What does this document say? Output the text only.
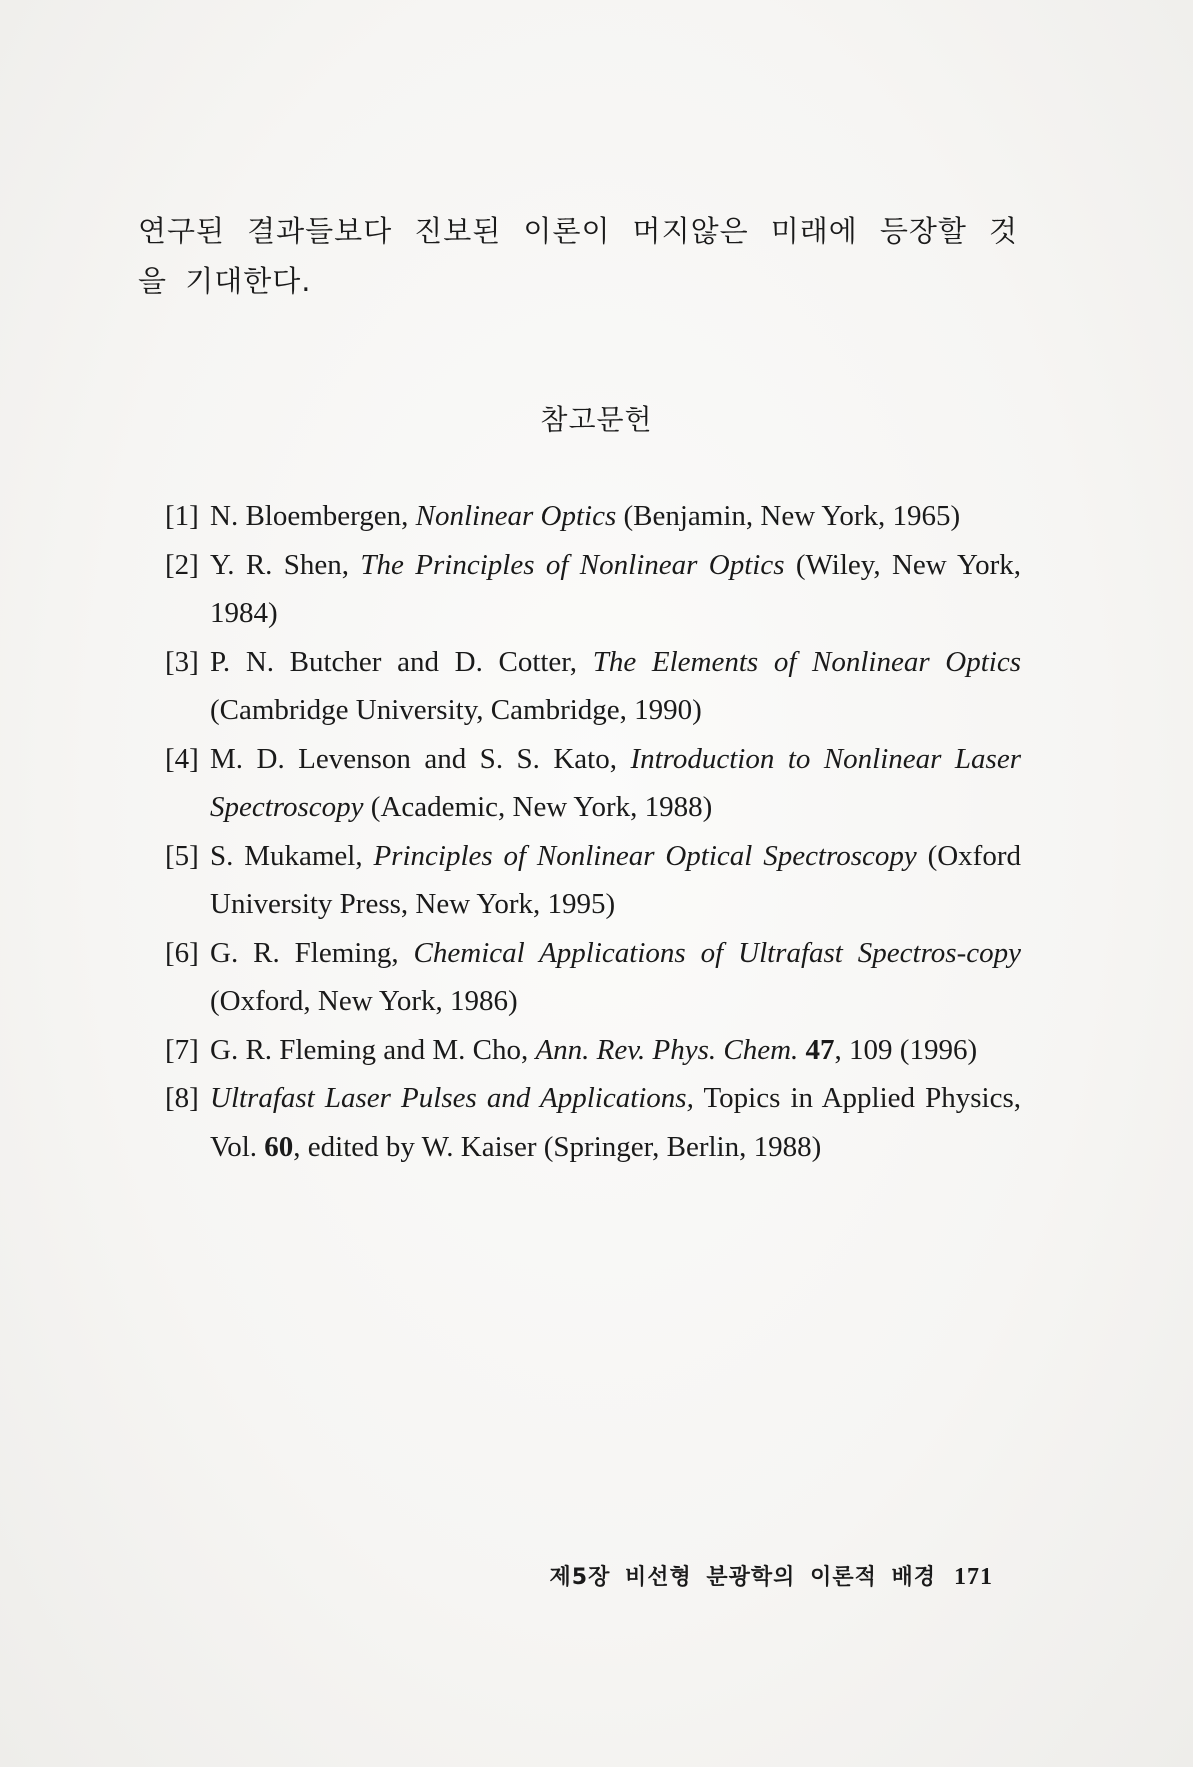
연구된 결과들보다 진보된 이론이 머지않은 미래에 등장할 것을 기대한다.
참고문헌
[1] N. Bloembergen, Nonlinear Optics (Benjamin, New York, 1965)
[2] Y. R. Shen, The Principles of Nonlinear Optics (Wiley, New York, 1984)
[3] P. N. Butcher and D. Cotter, The Elements of Nonlinear Optics (Cambridge University, Cambridge, 1990)
[4] M. D. Levenson and S. S. Kato, Introduction to Nonlinear Laser Spectroscopy (Academic, New York, 1988)
[5] S. Mukamel, Principles of Nonlinear Optical Spectroscopy (Oxford University Press, New York, 1995)
[6] G. R. Fleming, Chemical Applications of Ultrafast Spectros-copy (Oxford, New York, 1986)
[7] G. R. Fleming and M. Cho, Ann. Rev. Phys. Chem. 47, 109 (1996)
[8] Ultrafast Laser Pulses and Applications, Topics in Applied Physics, Vol. 60, edited by W. Kaiser (Springer, Berlin, 1988)
제5장 비선형 분광학의 이론적 배경 171
